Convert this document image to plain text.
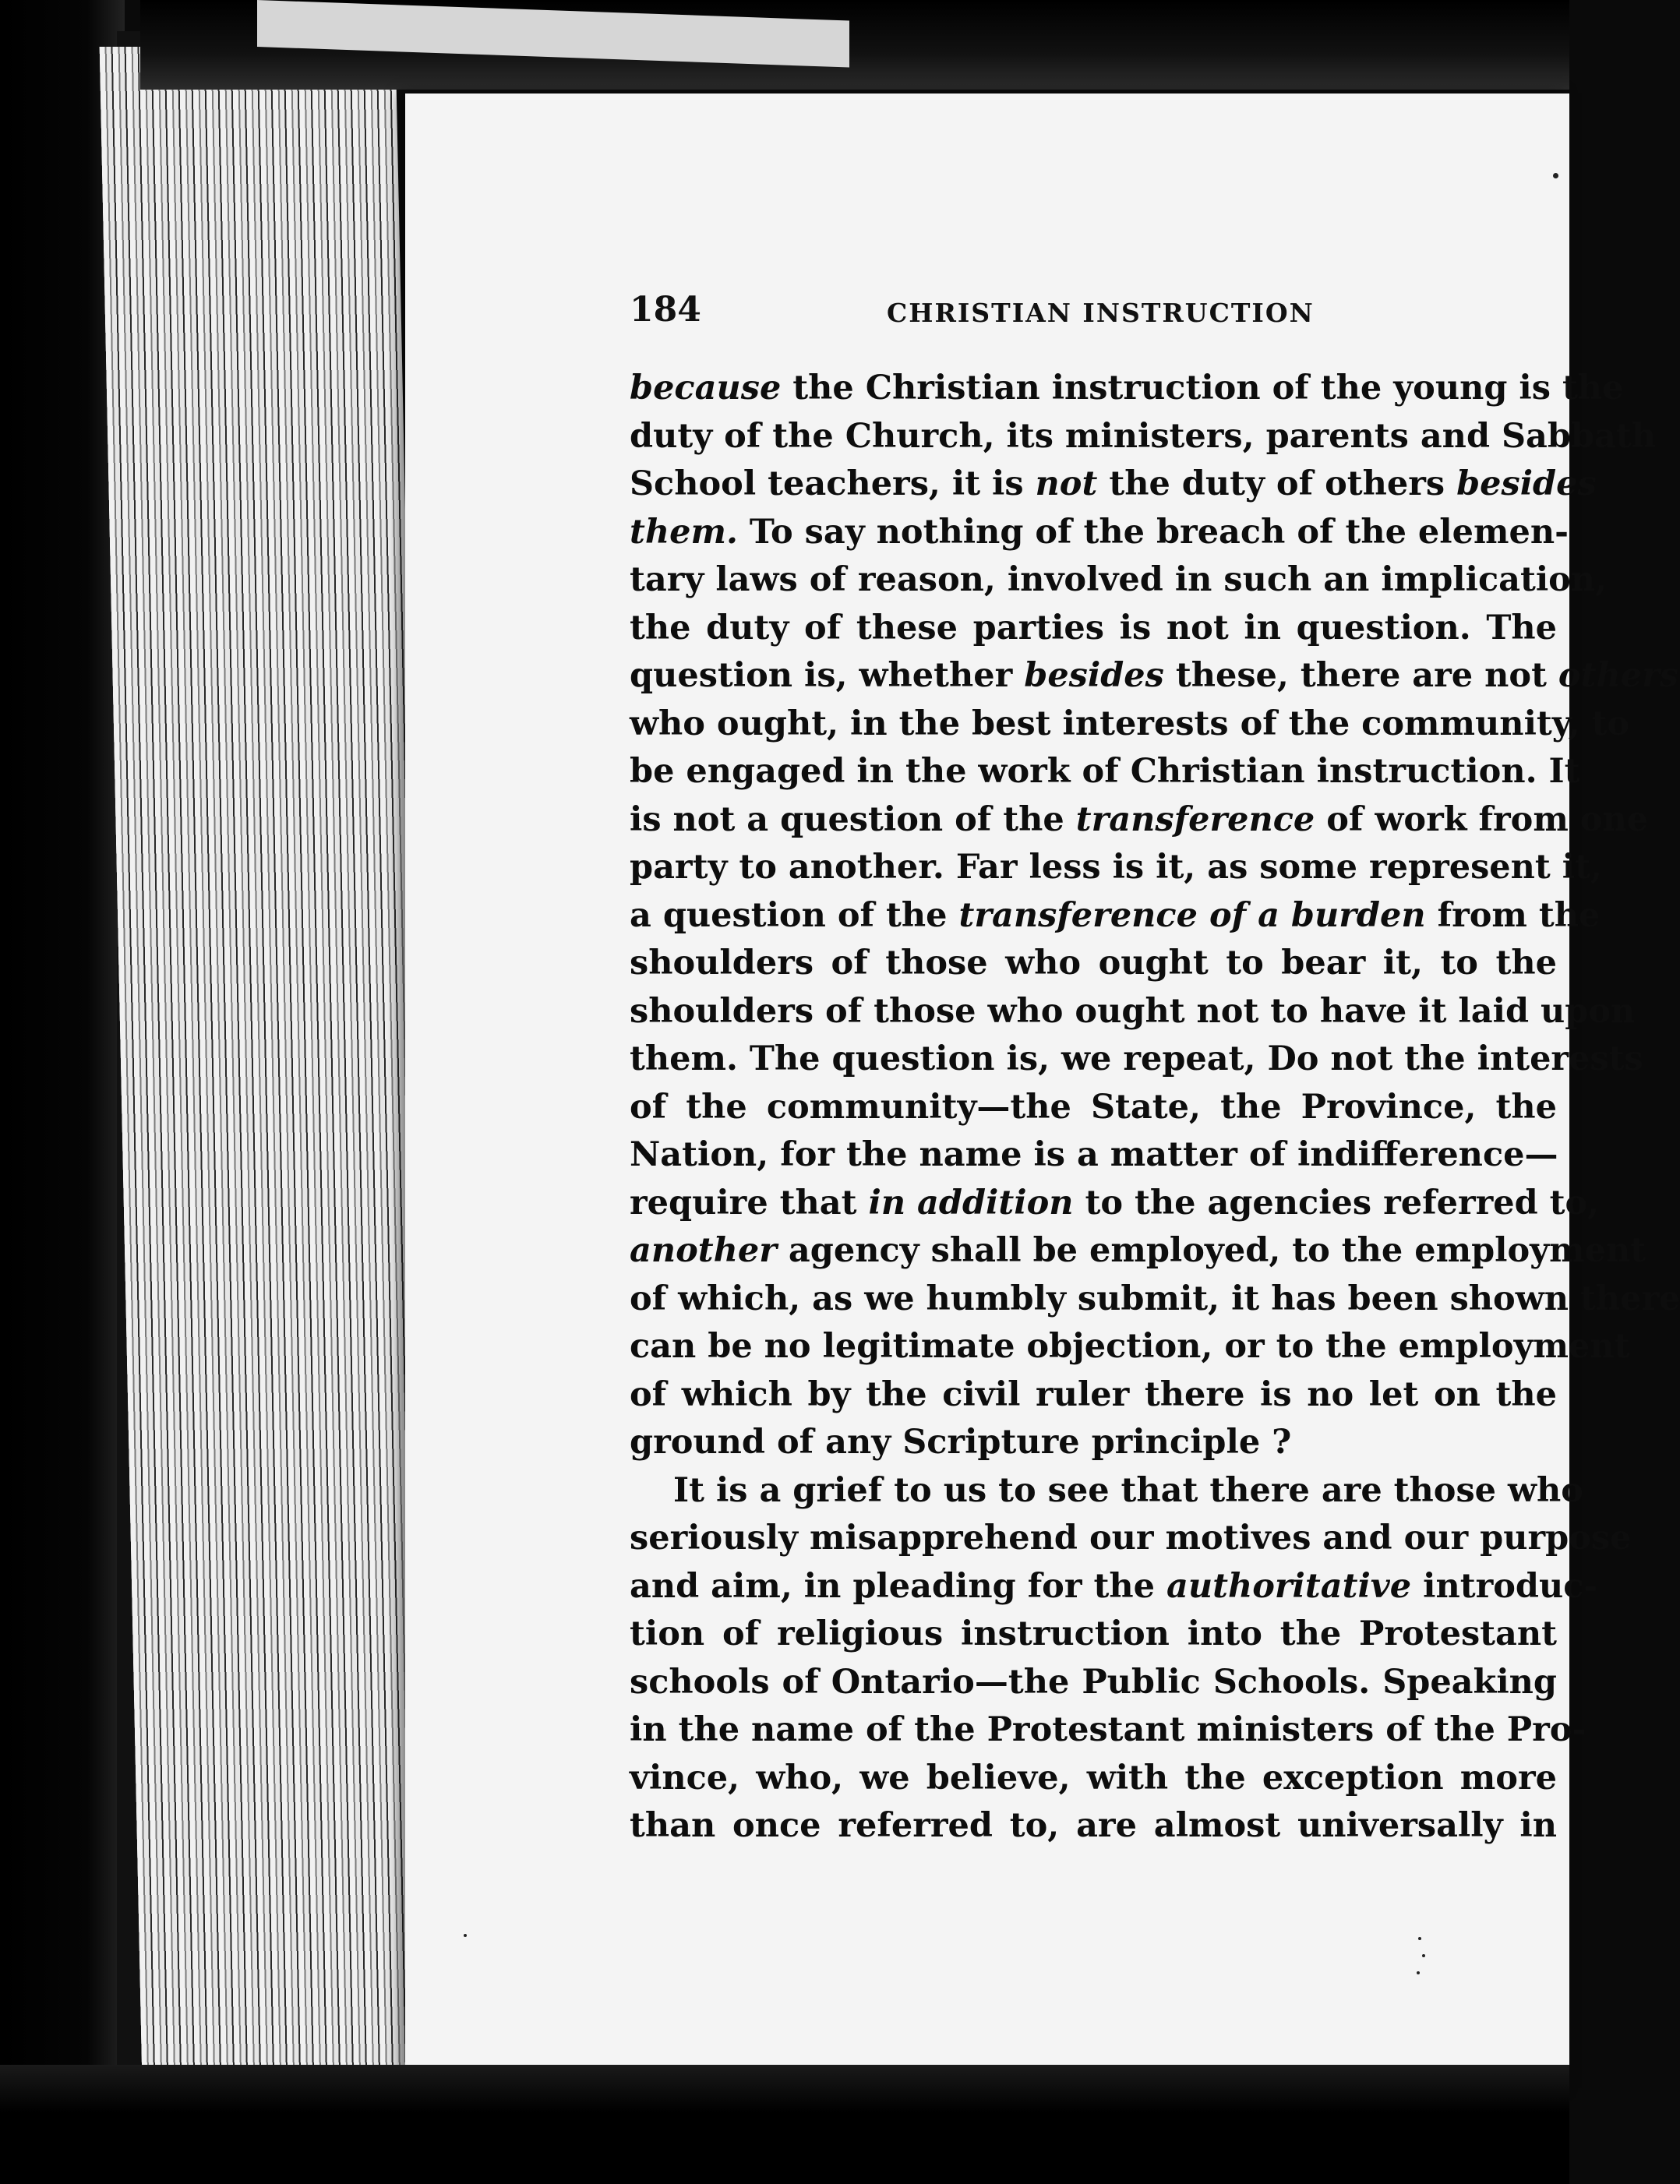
184	CHRISTIAN INSTRUCTION
because the Christian instruction of the young is the
duty of the Church, its ministers, parents and Sabbath
School teachers, it is not the duty of others besides
them. To say nothing of the breach of the elemen-
tary laws of reason, involved in such an implication,
the duty of these parties is not in question. The
question is, whether besides these, there are not others
who ought, in the best interests of the community, to
be engaged in the work of Christian instruction. It
is not a question of the transference of work from one
party to another. Far less is it, as some represent it,
a question of the transference of a burden from the
shoulders of those who ought to bear it, to the
shoulders of those who ought not to have it laid upon
them. The question is, we repeat, Do not the interests
of the community—the State, the Province, the
Nation, for the name is a matter of indifference—
require that in addition to the agencies referred to,
another agency shall be employed, to the employment
of which, as we humbly submit, it has been shown there
can be no legitimate objection, or to the employment
of which by the civil ruler there is no let on the
ground of any Scripture principle ?
It is a grief to us to see that there are those who
seriously misapprehend our motives and our purpose
and aim, in pleading for the authoritative introduc-
tion of religious instruction into the Protestant
schools of Ontario—the Public Schools. Speaking
in the name of the Protestant ministers of the Pro-
vince, who, we believe, with the exception more
than once referred to, are almost universally in
